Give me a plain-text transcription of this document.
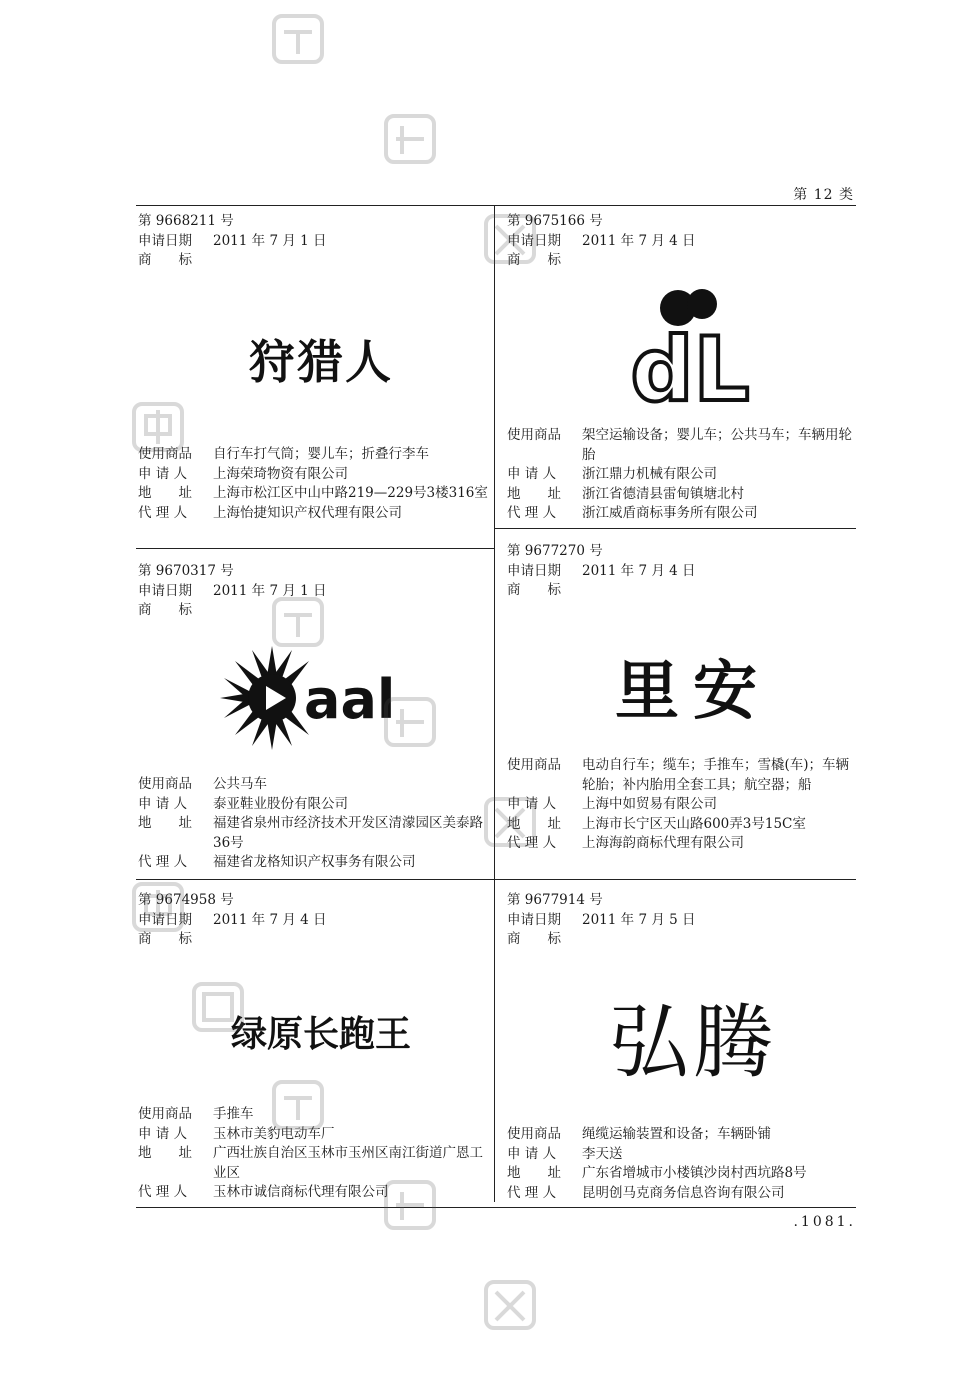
第 12 类
第
9668211
号
申请日期	2011 年 7 月 1 日
商　　标
狩猎人
使用商品	自行车打气筒；婴儿车；折叠行李车
申 请 人	上海荣琦物资有限公司
地　　址	上海市松江区中山中路219—229号3楼316室
代 理 人	上海怡捷知识产权代理有限公司
第
9675166
号
申请日期	2011 年 7 月 4 日
商　　标
dL
使用商品	架空运输设备；婴儿车；公共马车；车辆用轮胎
申 请 人	浙江鼎力机械有限公司
地　　址	浙江省德清县雷甸镇塘北村
代 理 人	浙江威盾商标事务所有限公司
第
9670317
号
申请日期	2011 年 7 月 1 日
商　　标
aal
使用商品	公共马车
申 请 人	泰亚鞋业股份有限公司
地　　址	福建省泉州市经济技术开发区清濛园区美泰路36号
代 理 人	福建省龙格知识产权事务有限公司
第
9677270
号
申请日期	2011 年 7 月 4 日
商　　标
里安
使用商品	电动自行车；缆车；手推车；雪橇(车)；车辆轮胎；补内胎用全套工具；航空器；船
申 请 人	上海中如贸易有限公司
地　　址	上海市长宁区天山路600弄3号15C室
代 理 人	上海海韵商标代理有限公司
第
9674958
号
申请日期	2011 年 7 月 4 日
商　　标
绿原长跑王
使用商品	手推车
申 请 人	玉林市美豹电动车厂
地　　址	广西壮族自治区玉林市玉州区南江街道广恩工业区
代 理 人	玉林市诚信商标代理有限公司
第
9677914
号
申请日期	2011 年 7 月 5 日
商　　标
弘腾
使用商品	绳缆运输装置和设备；车辆卧铺
申 请 人	李天送
地　　址	广东省增城市小楼镇沙岗村西坑路8号
代 理 人	昆明创马克商务信息咨询有限公司
.1081.
